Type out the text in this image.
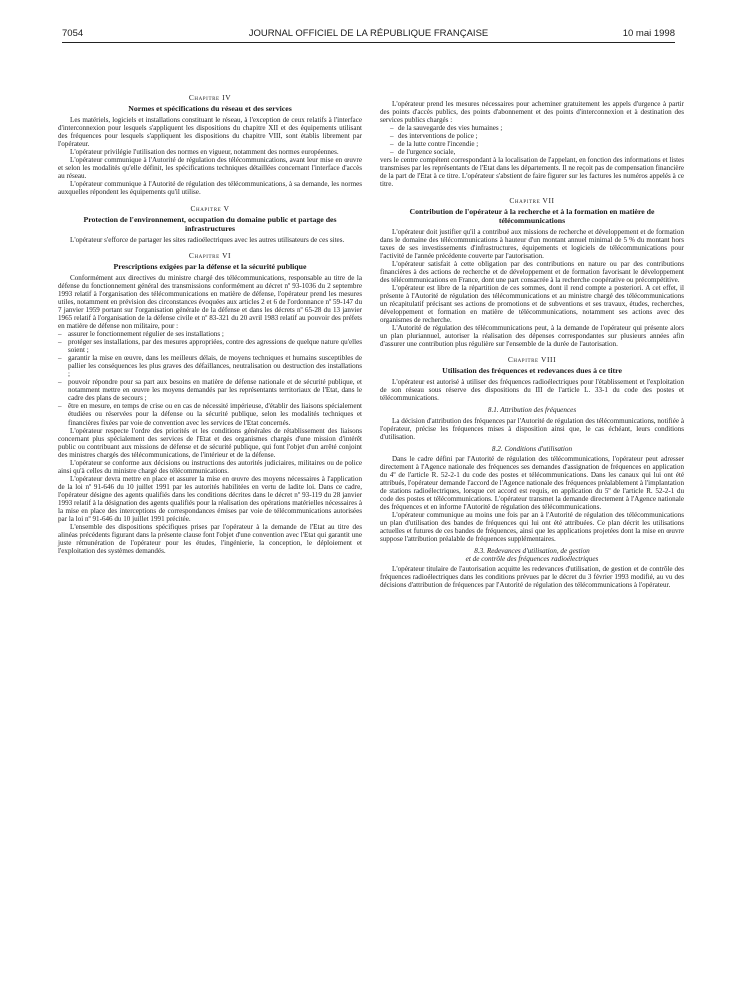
7054	JOURNAL OFFICIEL DE LA RÉPUBLIQUE FRANÇAISE	10 mai 1998
Chapitre IV
Normes et spécifications du réseau et des services

Les matériels, logiciels et installations constituant le réseau, à l'exception de ceux relatifs à l'interface d'interconnexion pour lesquels s'appliquent les dispositions du chapitre XII et des équipements utilisant des fréquences pour lesquels s'appliquent les dispositions du chapitre VIII, sont établis librement par l'opérateur.

L'opérateur privilégie l'utilisation des normes en vigueur, notamment des normes européennes.

L'opérateur communique à l'Autorité de régulation des télécommunications, avant leur mise en œuvre et selon les modalités qu'elle définit, les spécifications techniques détaillées concernant l'interface d'accès au réseau.

L'opérateur communique à l'Autorité de régulation des télécommunications, à sa demande, les normes auxquelles répondent les équipements qu'il utilise.

Chapitre V
Protection de l'environnement, occupation du domaine public et partage des infrastructures

L'opérateur s'efforce de partager les sites radioélectriques avec les autres utilisateurs de ces sites.

Chapitre VI
Prescriptions exigées par la défense et la sécurité publique

Conformément aux directives du ministre chargé des télécommunications, responsable au titre de la défense du fonctionnement général des transmissions conformément au décret nº 93-1036 du 2 septembre 1993 relatif à l'organisation des télécommunications en matière de défense, l'opérateur prend les mesures utiles, notamment en prévision des circonstances évoquées aux articles 2 et 6 de l'ordonnance nº 59-147 du 7 janvier 1959 portant sur l'organisation générale de la défense et dans les décrets nº 65-28 du 13 janvier 1965 relatif à l'organisation de la défense civile et nº 83-321 du 20 avril 1983 relatif au pouvoir des préfets en matière de défense non militaire, pour :

– assurer le fonctionnement régulier de ses installations ;
– protéger ses installations, par des mesures appropriées, contre des agressions de quelque nature qu'elles soient ;
– garantir la mise en œuvre, dans les meilleurs délais, de moyens techniques et humains susceptibles de pallier les conséquences les plus graves des défaillances, neutralisation ou destruction des installations ;
– pouvoir répondre pour sa part aux besoins en matière de défense nationale et de sécurité publique, et notamment mettre en œuvre les moyens demandés par les représentants territoriaux de l'Etat, dans le cadre des plans de secours ;
– être en mesure, en temps de crise ou en cas de nécessité impérieuse, d'établir des liaisons spécialement étudiées ou réservées pour la défense ou la sécurité publique, selon les modalités techniques et financières fixées par voie de convention avec les services de l'Etat concernés.

L'opérateur respecte l'ordre des priorités et les conditions générales de rétablissement des liaisons concernant plus spécialement des services de l'Etat et des organismes chargés d'une mission d'intérêt public ou contribuant aux missions de défense et de sécurité publique, qui font l'objet d'un arrêté conjoint des ministres chargés des télécommunications, de l'intérieur et de la défense.

L'opérateur se conforme aux décisions ou instructions des autorités judiciaires, militaires ou de police ainsi qu'à celles du ministre chargé des télécommunications.

L'opérateur devra mettre en place et assurer la mise en œuvre des moyens nécessaires à l'application de la loi nº 91-646 du 10 juillet 1991 par les autorités habilitées en vertu de ladite loi. Dans ce cadre, l'opérateur désigne des agents qualifiés dans les conditions décrites dans le décret nº 93-119 du 28 janvier 1993 relatif à la désignation des agents qualifiés pour la réalisation des opérations matérielles nécessaires à la mise en place des interceptions de correspondances émises par voie de télécommunications autorisées par la loi nº 91-646 du 10 juillet 1991 précitée.

L'ensemble des dispositions spécifiques prises par l'opérateur à la demande de l'Etat au titre des alinéas précédents figurant dans la présente clause font l'objet d'une convention avec l'Etat qui garantit une juste rémunération de l'opérateur pour les études, l'ingénierie, la conception, le déploiement et l'exploitation des systèmes demandés.

L'opérateur prend les mesures nécessaires pour acheminer gratuitement les appels d'urgence à partir des points d'accès publics, des points d'abonnement et des points d'interconnexion et à destination des services publics chargés :

– de la sauvegarde des vies humaines ;
– des interventions de police ;
– de la lutte contre l'incendie ;
– de l'urgence sociale,

vers le centre compétent correspondant à la localisation de l'appelant, en fonction des informations et listes transmises par les représentants de l'Etat dans les départements. Il ne reçoit pas de compensation financière de la part de l'Etat à ce titre. L'opérateur s'abstient de faire figurer sur les factures les numéros appelés à ce titre.

Chapitre VII
Contribution de l'opérateur à la recherche et à la formation en matière de télécommunications

L'opérateur doit justifier qu'il a contribué aux missions de recherche et développement et de formation dans le domaine des télécommunications à hauteur d'un montant annuel minimal de 5 % du montant hors taxes de ses investissements d'infrastructures, équipements et logiciels de télécommunications pour l'activité de l'année précédente couverte par l'autorisation.

L'opérateur satisfait à cette obligation par des contributions en nature ou par des contributions financières à des actions de recherche et de développement et de formation favorisant le développement des télécommunications en France, dont une part consacrée à la recherche coopérative ou précompétitive.

L'opérateur est libre de la répartition de ces sommes, dont il rend compte a posteriori. A cet effet, il présente à l'Autorité de régulation des télécommunications et au ministre chargé des télécommunications un récapitulatif précisant ses actions de promotions et de subventions et ses travaux, études, recherches, développement et formation en matière de télécommunications, notamment ses actions avec des organismes de recherche.

L'Autorité de régulation des télécommunications peut, à la demande de l'opérateur qui présente alors un plan pluriannuel, autoriser la réalisation des dépenses correspondantes sur plusieurs années afin d'assurer une contribution plus régulière sur l'ensemble de la durée de l'autorisation.

Chapitre VIII
Utilisation des fréquences et redevances dues à ce titre

L'opérateur est autorisé à utiliser des fréquences radioélectriques pour l'établissement et l'exploitation de son réseau sous réserve des dispositions du III de l'article L. 33-1 du code des postes et télécommunications.

8.1. Attribution des fréquences

La décision d'attribution des fréquences par l'Autorité de régulation des télécommunications, notifiée à l'opérateur, précise les fréquences mises à disposition ainsi que, le cas échéant, leurs conditions d'utilisation.

8.2. Conditions d'utilisation

Dans le cadre défini par l'Autorité de régulation des télécommunications, l'opérateur peut adresser directement à l'Agence nationale des fréquences ses demandes d'assignation de fréquences en application du 4º de l'article R. 52-2-1 du code des postes et télécommunications. Dans les canaux qui lui ont été attribués, l'opérateur demande l'accord de l'Agence nationale des fréquences préalablement à l'implantation de stations radioélectriques, lorsque cet accord est requis, en application du 5º de l'article R. 52-2-1 du code des postes et télécommunications. L'opérateur transmet la demande directement à l'Agence nationale des fréquences et en informe l'Autorité de régulation des télécommunications.

L'opérateur communique au moins une fois par an à l'Autorité de régulation des télécommunications un plan d'utilisation des bandes de fréquences qui lui ont été attribuées. Ce plan décrit les utilisations actuelles et futures de ces bandes de fréquences, ainsi que les applications projetées dont la mise en œuvre suppose l'attribution préalable de fréquences supplémentaires.

8.3. Redevances d'utilisation, de gestion
et de contrôle des fréquences radioélectriques

L'opérateur titulaire de l'autorisation acquitte les redevances d'utilisation, de gestion et de contrôle des fréquences radioélectriques dans les conditions prévues par le décret du 3 février 1993 modifié, au vu des décisions d'attribution de fréquences par l'Autorité de régulation des télécommunications à l'opérateur.
